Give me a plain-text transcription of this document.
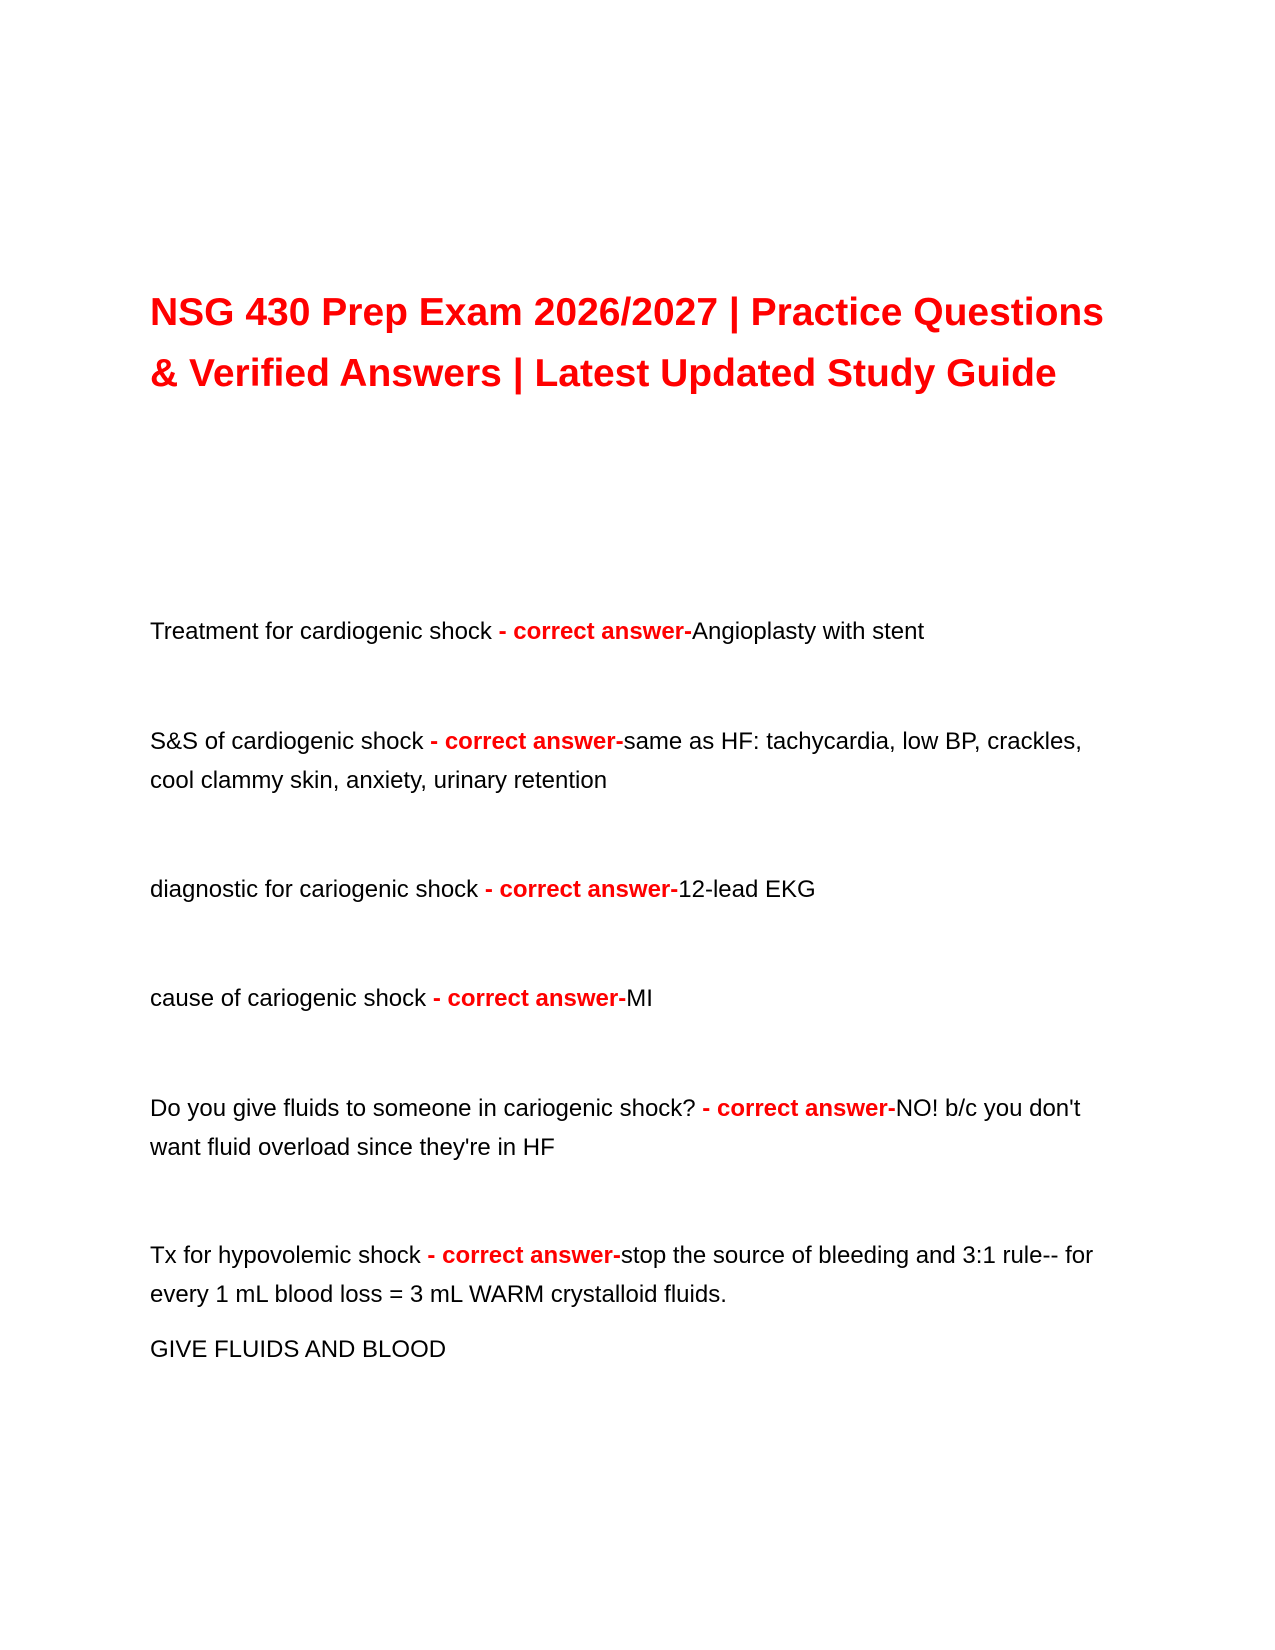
NSG 430 Prep Exam 2026/2027 | Practice Questions & Verified Answers | Latest Updated Study Guide
Treatment for cardiogenic shock - correct answer-Angioplasty with stent
S&S of cardiogenic shock - correct answer-same as HF: tachycardia, low BP, crackles, cool clammy skin, anxiety, urinary retention
diagnostic for cariogenic shock - correct answer-12-lead EKG
cause of cariogenic shock - correct answer-MI
Do you give fluids to someone in cariogenic shock? - correct answer-NO! b/c you don't want fluid overload since they're in HF
Tx for hypovolemic shock - correct answer-stop the source of bleeding and 3:1 rule-- for every 1 mL blood loss = 3 mL WARM crystalloid fluids.
GIVE FLUIDS AND BLOOD
